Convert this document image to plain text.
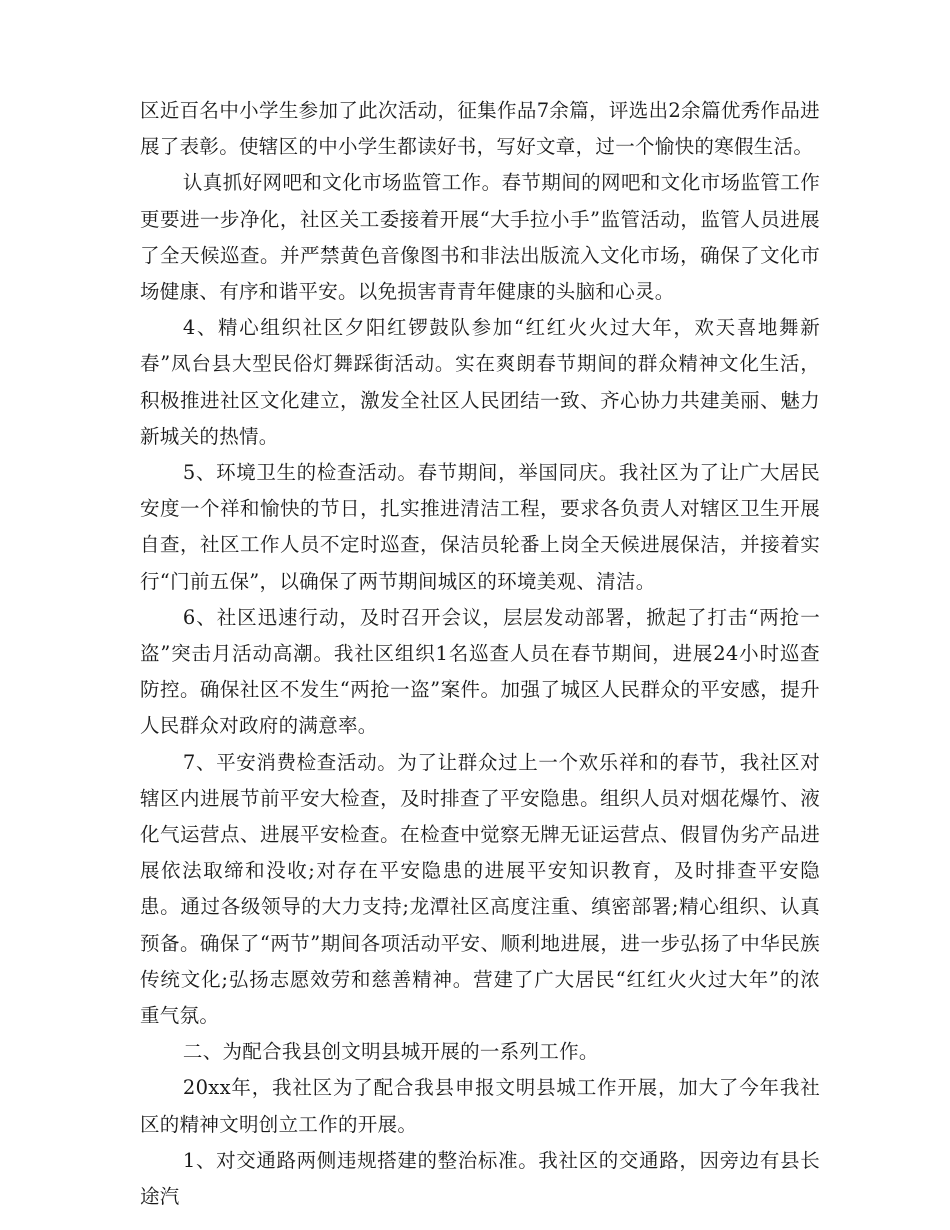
区近百名中小学生参加了此次活动，征集作品7余篇，评选出2余篇优秀作品进展了表彰。使辖区的中小学生都读好书，写好文章，过一个愉快的寒假生活。

认真抓好网吧和文化市场监管工作。春节期间的网吧和文化市场监管工作更要进一步净化，社区关工委接着开展“大手拉小手”监管活动，监管人员进展了全天候巡查。并严禁黄色音像图书和非法出版流入文化市场，确保了文化市场健康、有序和谐平安。以免损害青青年健康的头脑和心灵。

4、精心组织社区夕阳红锣鼓队参加“红红火火过大年，欢天喜地舞新春”凤台县大型民俗灯舞踩街活动。实在爽朗春节期间的群众精神文化生活，积极推进社区文化建立，激发全社区人民团结一致、齐心协力共建美丽、魅力新城关的热情。

5、环境卫生的检查活动。春节期间，举国同庆。我社区为了让广大居民安度一个祥和愉快的节日，扎实推进清洁工程，要求各负责人对辖区卫生开展自查，社区工作人员不定时巡查，保洁员轮番上岗全天候进展保洁，并接着实行“门前五保”，以确保了两节期间城区的环境美观、清洁。

6、社区迅速行动，及时召开会议，层层发动部署，掀起了打击“两抢一盗”突击月活动高潮。我社区组织1名巡查人员在春节期间，进展24小时巡查防控。确保社区不发生“两抢一盗”案件。加强了城区人民群众的平安感，提升人民群众对政府的满意率。

7、平安消费检查活动。为了让群众过上一个欢乐祥和的春节，我社区对辖区内进展节前平安大检查，及时排查了平安隐患。组织人员对烟花爆竹、液化气运营点、进展平安检查。在检查中觉察无牌无证运营点、假冒伪劣产品进展依法取缔和没收;对存在平安隐患的进展平安知识教育，及时排查平安隐患。通过各级领导的大力支持;龙潭社区高度注重、缜密部署;精心组织、认真预备。确保了“两节”期间各项活动平安、顺利地进展，进一步弘扬了中华民族传统文化;弘扬志愿效劳和慈善精神。营建了广大居民“红红火火过大年”的浓重气氛。

二、为配合我县创文明县城开展的一系列工作。

20xx年，我社区为了配合我县申报文明县城工作开展，加大了今年我社区的精神文明创立工作的开展。

1、对交通路两侧违规搭建的整治标准。我社区的交通路，因旁边有县长途汽
